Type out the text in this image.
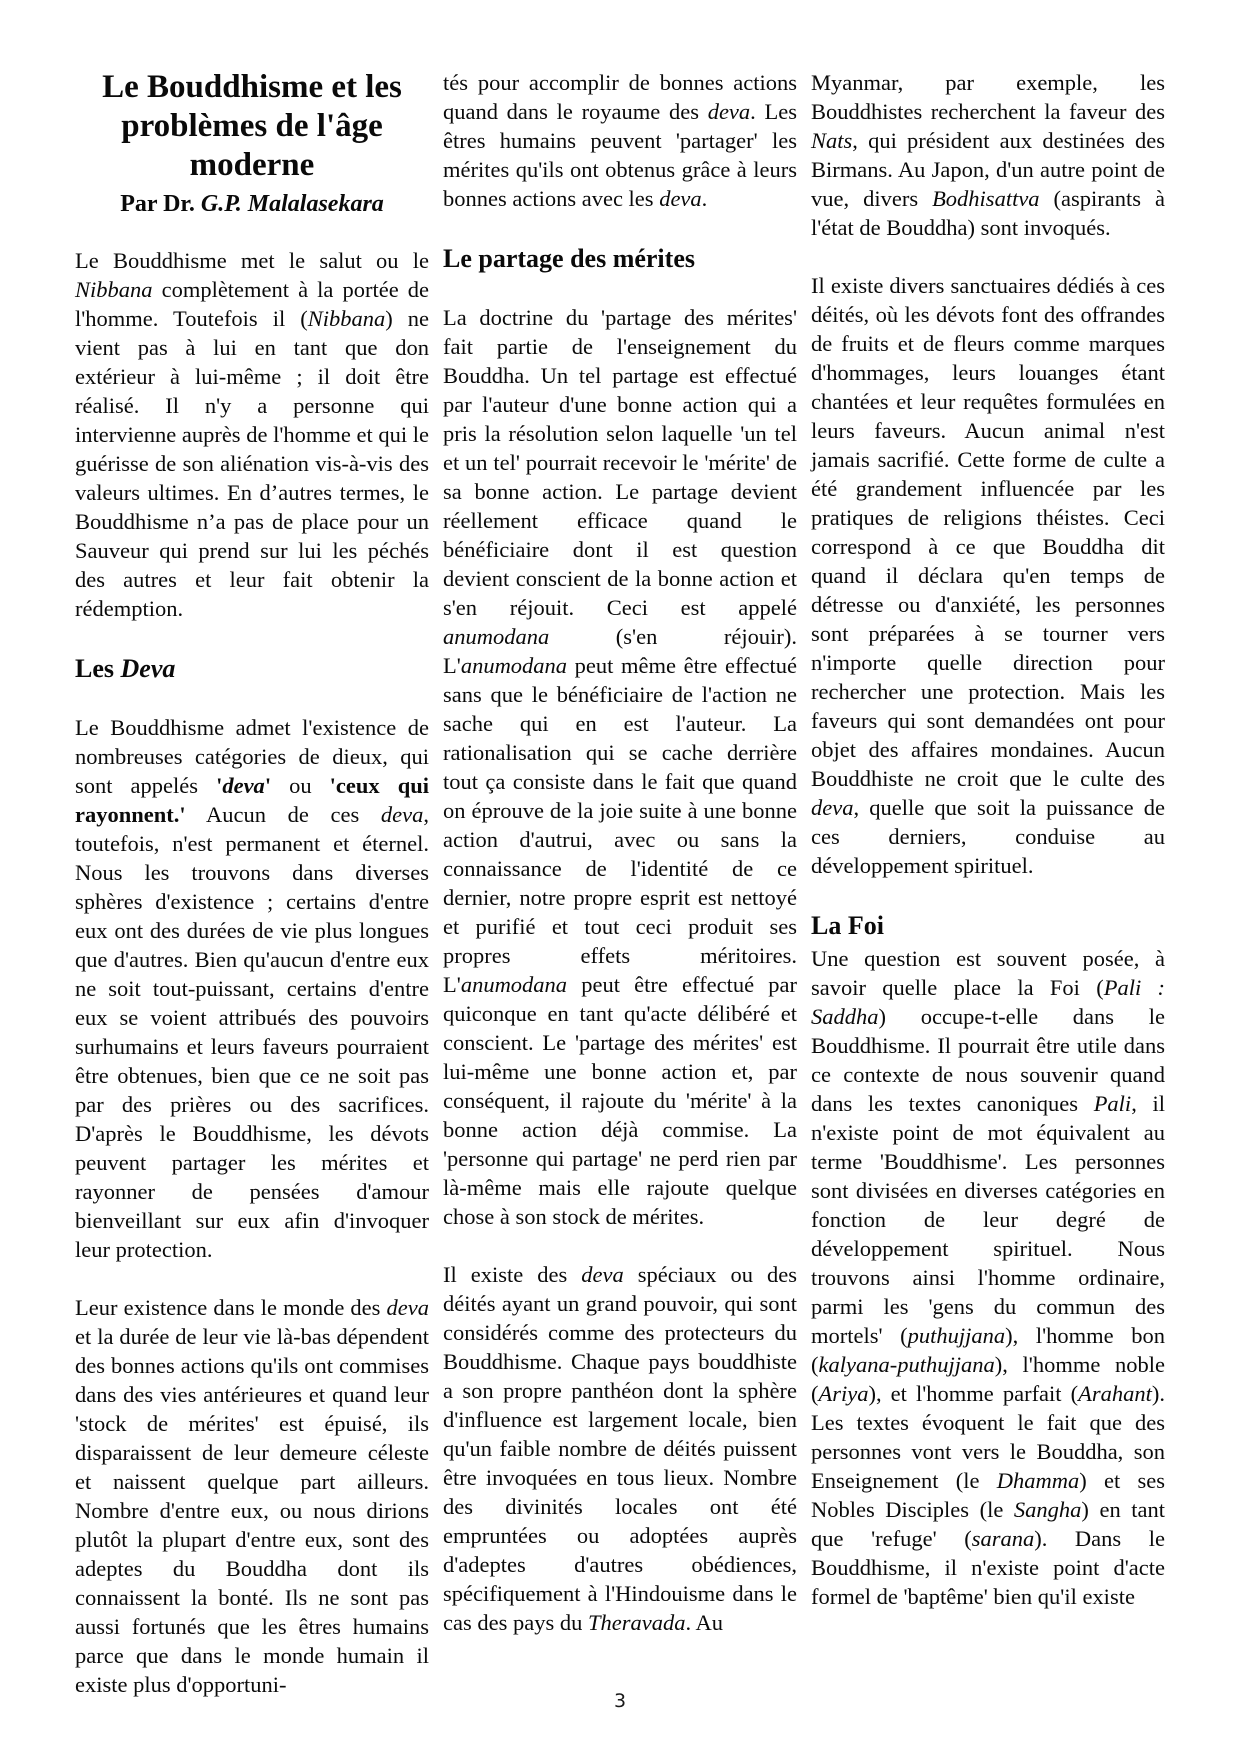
Le Bouddhisme et les problèmes de l'âge moderne
Par Dr. G.P. Malalasekara

Le Bouddhisme met le salut ou le Nibbana complètement à la portée de l'homme. Toutefois il (Nibbana) ne vient pas à lui en tant que don extérieur à lui-même ; il doit être réalisé. Il n'y a personne qui intervienne auprès de l'homme et qui le guérisse de son aliénation vis-à-vis des valeurs ultimes. En d’autres termes, le Bouddhisme n’a pas de place pour un Sauveur qui prend sur lui les péchés des autres et leur fait obtenir la rédemption.

Les Deva

Le Bouddhisme admet l'existence de nombreuses catégories de dieux, qui sont appelés 'deva' ou 'ceux qui rayonnent.' Aucun de ces deva, toutefois, n'est permanent et éternel. Nous les trouvons dans diverses sphères d'existence ; certains d'entre eux ont des durées de vie plus longues que d'autres. Bien qu'aucun d'entre eux ne soit tout-puissant, certains d'entre eux se voient attribués des pouvoirs surhumains et leurs faveurs pourraient être obtenues, bien que ce ne soit pas par des prières ou des sacrifices. D'après le Bouddhisme, les dévots peuvent partager les mérites et rayonner de pensées d'amour bienveillant sur eux afin d'invoquer leur protection.

Leur existence dans le monde des deva et la durée de leur vie là-bas dépendent des bonnes actions qu'ils ont commises dans des vies antérieures et quand leur 'stock de mérites' est épuisé, ils disparaissent de leur demeure céleste et naissent quelque part ailleurs. Nombre d'entre eux, ou nous dirions plutôt la plupart d'entre eux, sont des adeptes du Bouddha dont ils connaissent la bonté. Ils ne sont pas aussi fortunés que les êtres humains parce que dans le monde humain il existe plus d'opportuni-

tés pour accomplir de bonnes actions quand dans le royaume des deva. Les êtres humains peuvent 'partager' les mérites qu'ils ont obtenus grâce à leurs bonnes actions avec les deva.

Le partage des mérites

La doctrine du 'partage des mérites' fait partie de l'enseignement du Bouddha. Un tel partage est effectué par l'auteur d'une bonne action qui a pris la résolution selon laquelle 'un tel et un tel' pourrait recevoir le 'mérite' de sa bonne action. Le partage devient réellement efficace quand le bénéficiaire dont il est question devient conscient de la bonne action et s'en réjouit. Ceci est appelé anumodana (s'en réjouir). L'anumodana peut même être effectué sans que le bénéficiaire de l'action ne sache qui en est l'auteur. La rationalisation qui se cache derrière tout ça consiste dans le fait que quand on éprouve de la joie suite à une bonne action d'autrui, avec ou sans la connaissance de l'identité de ce dernier, notre propre esprit est nettoyé et purifié et tout ceci produit ses propres effets méritoires. L'anumodana peut être effectué par quiconque en tant qu'acte délibéré et conscient. Le 'partage des mérites' est lui-même une bonne action et, par conséquent, il rajoute du 'mérite' à la bonne action déjà commise. La 'personne qui partage' ne perd rien par là-même mais elle rajoute quelque chose à son stock de mérites.

Il existe des deva spéciaux ou des déités ayant un grand pouvoir, qui sont considérés comme des protecteurs du Bouddhisme. Chaque pays bouddhiste a son propre panthéon dont la sphère d'influence est largement locale, bien qu'un faible nombre de déités puissent être invoquées en tous lieux. Nombre des divinités locales ont été empruntées ou adoptées auprès d'adeptes d'autres obédiences, spécifiquement à l'Hindouisme dans le cas des pays du Theravada. Au

Myanmar, par exemple, les Bouddhistes recherchent la faveur des Nats, qui président aux destinées des Birmans. Au Japon, d'un autre point de vue, divers Bodhisattva (aspirants à l'état de Bouddha) sont invoqués.

Il existe divers sanctuaires dédiés à ces déités, où les dévots font des offrandes de fruits et de fleurs comme marques d'hommages, leurs louanges étant chantées et leur requêtes formulées en leurs faveurs. Aucun animal n'est jamais sacrifié. Cette forme de culte a été grandement influencée par les pratiques de religions théistes. Ceci correspond à ce que Bouddha dit quand il déclara qu'en temps de détresse ou d'anxiété, les personnes sont préparées à se tourner vers n'importe quelle direction pour rechercher une protection. Mais les faveurs qui sont demandées ont pour objet des affaires mondaines. Aucun Bouddhiste ne croit que le culte des deva, quelle que soit la puissance de ces derniers, conduise au développement spirituel.

La Foi

Une question est souvent posée, à savoir quelle place la Foi (Pali : Saddha) occupe-t-elle dans le Bouddhisme. Il pourrait être utile dans ce contexte de nous souvenir quand dans les textes canoniques Pali, il n'existe point de mot équivalent au terme 'Bouddhisme'. Les personnes sont divisées en diverses catégories en fonction de leur degré de développement spirituel. Nous trouvons ainsi l'homme ordinaire, parmi les 'gens du commun des mortels' (puthujjana), l'homme bon (kalyana-puthujjana), l'homme noble (Ariya), et l'homme parfait (Arahant). Les textes évoquent le fait que des personnes vont vers le Bouddha, son Enseignement (le Dhamma) et ses Nobles Disciples (le Sangha) en tant que 'refuge' (sarana). Dans le Bouddhisme, il n'existe point d'acte formel de 'baptême' bien qu'il existe

3
